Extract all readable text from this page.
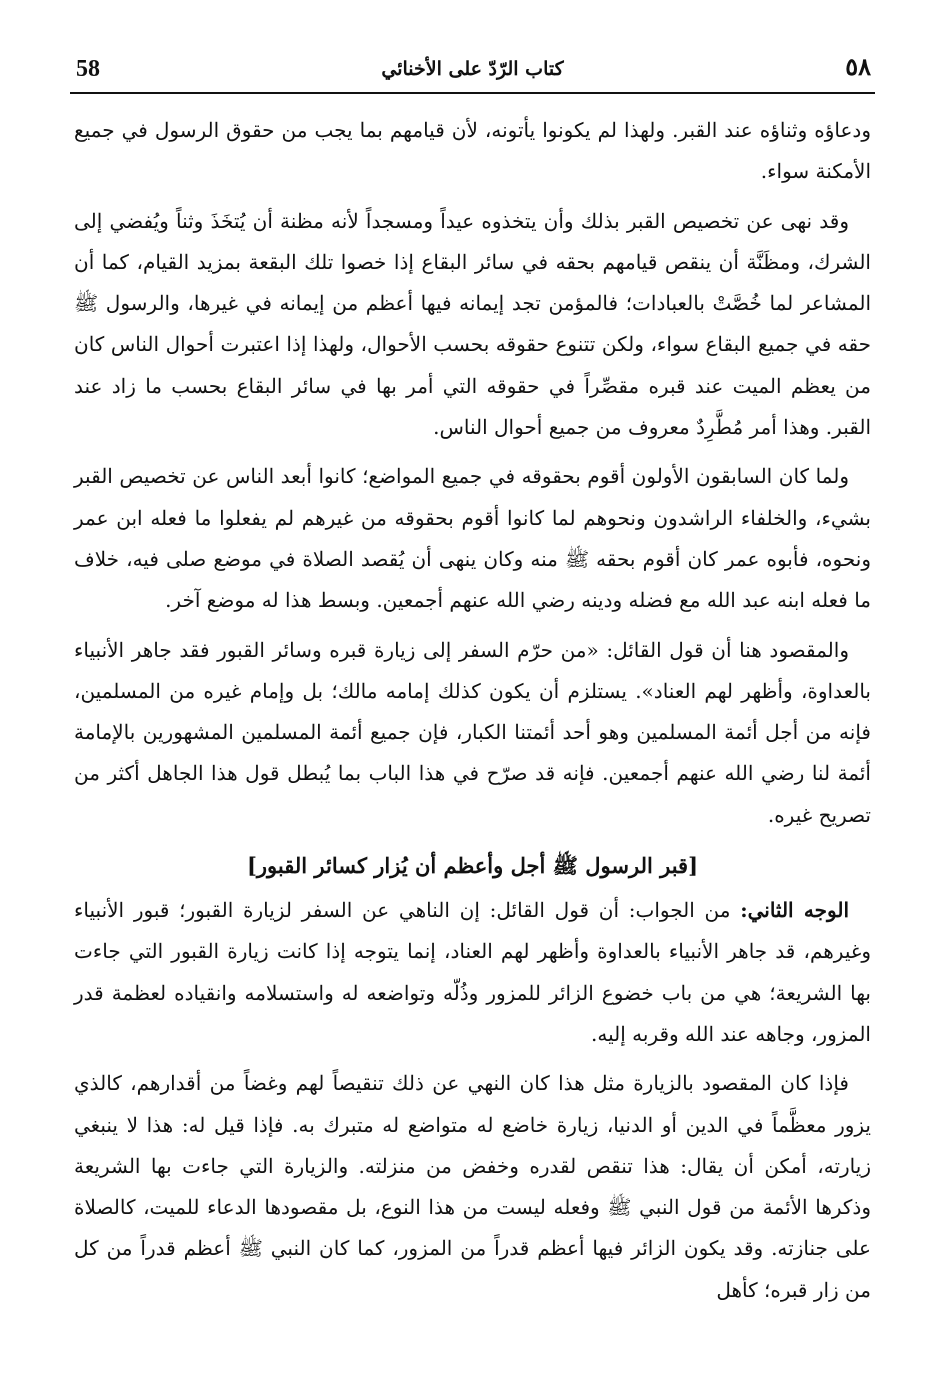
58	كتاب الرّدّ على الأخنائي	٥٨

ودعاؤه وثناؤه عند القبر. ولهذا لم يكونوا يأتونه، لأن قيامهم بما يجب من حقوق الرسول في جميع الأمكنة سواء.

وقد نهى عن تخصيص القبر بذلك وأن يتخذوه عيداً ومسجداً لأنه مظنة أن يُتخَذَ وثناً ويُفضي إلى الشرك، ومظَنَّة أن ينقص قيامهم بحقه في سائر البقاع إذا خصوا تلك البقعة بمزيد القيام، كما أن المشاعر لما خُصَّتْ بالعبادات؛ فالمؤمن تجد إيمانه فيها أعظم من إيمانه في غيرها، والرسول ﷺ حقه في جميع البقاع سواء، ولكن تتنوع حقوقه بحسب الأحوال، ولهذا إذا اعتبرت أحوال الناس كان من يعظم الميت عند قبره مقصِّراً في حقوقه التي أمر بها في سائر البقاع بحسب ما زاد عند القبر. وهذا أمر مُطَّرِدٌ معروف من جميع أحوال الناس.

ولما كان السابقون الأولون أقوم بحقوقه في جميع المواضع؛ كانوا أبعد الناس عن تخصيص القبر بشيء، والخلفاء الراشدون ونحوهم لما كانوا أقوم بحقوقه من غيرهم لم يفعلوا ما فعله ابن عمر ونحوه، فأبوه عمر كان أقوم بحقه ﷺ منه وكان ينهى أن يُقصد الصلاة في موضع صلى فيه، خلاف ما فعله ابنه عبد الله مع فضله ودينه رضي الله عنهم أجمعين. وبسط هذا له موضع آخر.

والمقصود هنا أن قول القائل: «من حرّم السفر إلى زيارة قبره وسائر القبور فقد جاهر الأنبياء بالعداوة، وأظهر لهم العناد». يستلزم أن يكون كذلك إمامه مالك؛ بل وإمام غيره من المسلمين، فإنه من أجل أئمة المسلمين وهو أحد أئمتنا الكبار، فإن جميع أئمة المسلمين المشهورين بالإمامة أئمة لنا رضي الله عنهم أجمعين. فإنه قد صرّح في هذا الباب بما يُبطل قول هذا الجاهل أكثر من تصريح غيره.

[قبر الرسول ﷺ أجل وأعظم أن يُزار كسائر القبور]

الوجه الثاني: من الجواب: أن قول القائل: إن الناهي عن السفر لزيارة القبور؛ قبور الأنبياء وغيرهم، قد جاهر الأنبياء بالعداوة وأظهر لهم العناد، إنما يتوجه إذا كانت زيارة القبور التي جاءت بها الشريعة؛ هي من باب خضوع الزائر للمزور وذُلّه وتواضعه له واستسلامه وانقياده لعظمة قدر المزور، وجاهه عند الله وقربه إليه.

فإذا كان المقصود بالزيارة مثل هذا كان النهي عن ذلك تنقيصاً لهم وغضاً من أقدارهم، كالذي يزور معظَّماً في الدين أو الدنيا، زيارة خاضع له متواضع له متبرك به. فإذا قيل له: هذا لا ينبغي زيارته، أمكن أن يقال: هذا تنقص لقدره وخفض من منزلته. والزيارة التي جاءت بها الشريعة وذكرها الأئمة من قول النبي ﷺ وفعله ليست من هذا النوع، بل مقصودها الدعاء للميت، كالصلاة على جنازته. وقد يكون الزائر فيها أعظم قدراً من المزور، كما كان النبي ﷺ أعظم قدراً من كل من زار قبره؛ كأهل
